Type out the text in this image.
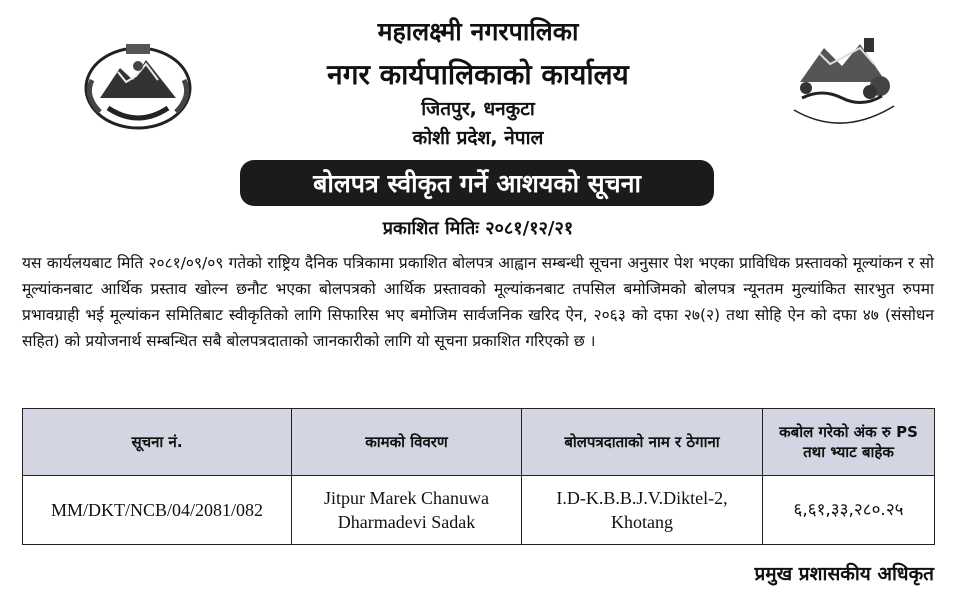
महालक्ष्मी नगरपालिका
नगर कार्यपालिकाको कार्यालय
जितपुर, धनकुटा
कोशी प्रदेश, नेपाल
बोलपत्र स्वीकृत गर्ने आशयको सूचना
प्रकाशित मितिः २०८१/१२/२१
यस कार्यलयबाट मिति २०८१/०९/०९ गतेको राष्ट्रिय दैनिक पत्रिकामा प्रकाशित बोलपत्र आह्वान सम्बन्धी सूचना अनुसार पेश भएका प्राविधिक प्रस्तावको मूल्यांकन र सो मूल्यांकनबाट आर्थिक प्रस्ताव खोल्न छनौट भएका बोलपत्रको आर्थिक प्रस्तावको मूल्यांकनबाट तपसिल बमोजिमको बोलपत्र न्यूनतम मुल्यांकित सारभुत रुपमा प्रभावग्राही भई मूल्यांकन समितिबाट स्वीकृतिको लागि सिफारिस भए बमोजिम सार्वजनिक खरिद ऐन, २०६३ को दफा २७(२) तथा सोहि ऐन को दफा ४७ (संसोधन सहित) को प्रयोजनार्थ सम्बन्धित सबै बोलपत्रदाताको जानकारीको लागि यो सूचना प्रकाशित गरिएको छ ।
सूचना नं.	कामको विवरण	बोलपत्रदाताको नाम र ठेगाना	कबोल गरेको अंक रु PS तथा भ्याट बाहेक
MM/DKT/NCB/04/2081/082	Jitpur Marek Chanuwa Dharmadevi Sadak	I.D-K.B.B.J.V.Diktel-2, Khotang	६,६१,३३,२८०.२५
प्रमुख प्रशासकीय अधिकृत
